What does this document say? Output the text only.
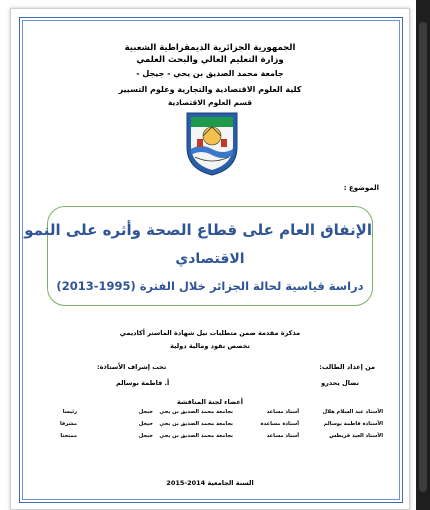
الجمهورية الجزائرية الديمقراطية الشعبية
وزارة التعليم العالي والبحث العلمي
جامعة محمد الصديق بن يحي - جيجل -
كلية العلوم الاقتصادية والتجارية وعلوم التسيير
قسم العلوم الاقتصادية
الموضوع :
الإنفاق العام على قطاع الصحة وأثره على النمو
الاقتصادي
دراسة قياسية لحالة الجزائر خلال الفترة (1995-2013)
مذكرة مقدمة ضمن متطلبات نيل شهادة الماستر أكاديمي
تخصص نقود ومالية دولية
من إعداد الطالب:
تحت إشراف الأستاذة:
نضال يحدرو
أ. فاطمة بوسالم
أعضاء لجنة المناقشة
الأستاذ عبد السلام هلال
أستاذ مساعد
بجامعة محمد الصديق بن يحي
جيجل
رئيسا
الأستاذة فاطمة بوسالم
أستاذة مساعدة
بجامعة محمد الصديق بن يحي
جيجل
مشرفا
الأستاذ العيد فريطس
أستاذ مساعد
بجامعة محمد الصديق بن يحي
جيجل
ممتحنا
السنة الجامعية 2014-2015
